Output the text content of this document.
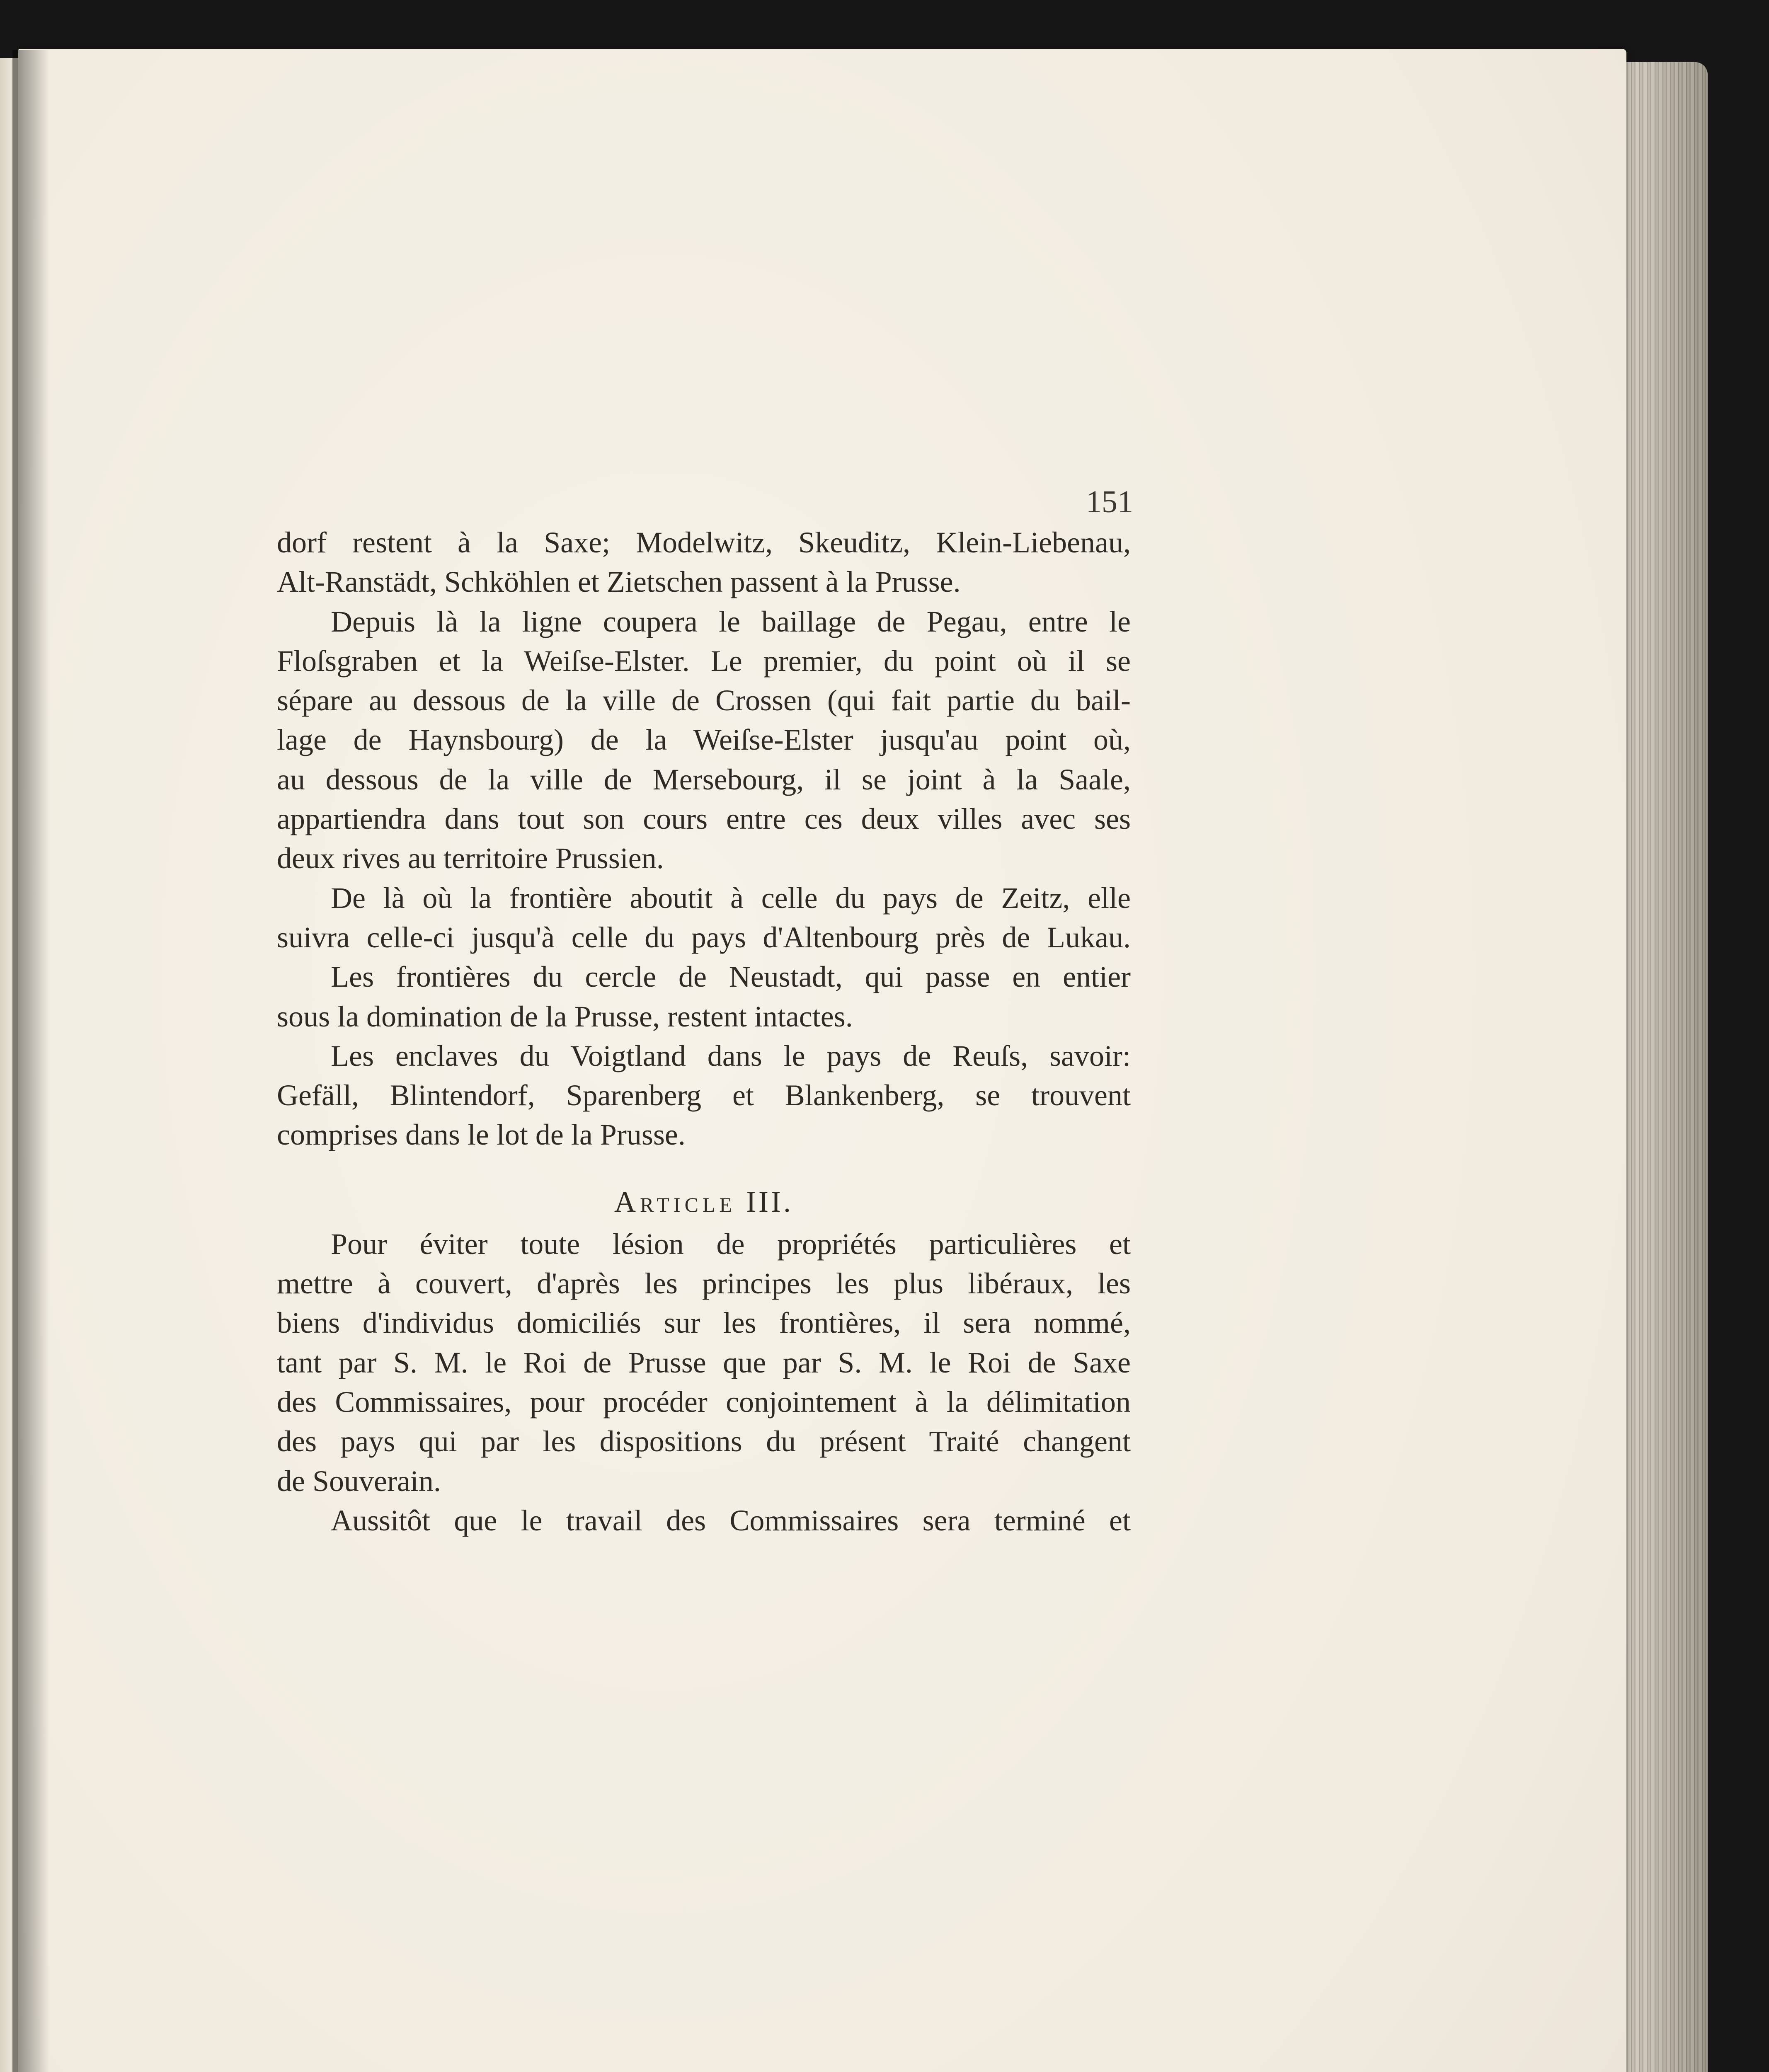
151
dorf restent à la Saxe; Modelwitz, Skeuditz, Klein-Liebenau,
Alt-Ranstädt, Schköhlen et Zietschen passent à la Prusse.
Depuis là la ligne coupera le baillage de Pegau, entre le
Floſsgraben et la Weiſse-Elster. Le premier, du point où il se
sépare au dessous de la ville de Crossen (qui fait partie du bail-
lage de Haynsbourg) de la Weiſse-Elster jusqu'au point où,
au dessous de la ville de Mersebourg, il se joint à la Saale,
appartiendra dans tout son cours entre ces deux villes avec ses
deux rives au territoire Prussien.
De là où la frontière aboutit à celle du pays de Zeitz, elle
suivra celle-ci jusqu'à celle du pays d'Altenbourg près de Lukau.
Les frontières du cercle de Neustadt, qui passe en entier
sous la domination de la Prusse, restent intactes.
Les enclaves du Voigtland dans le pays de Reuſs, savoir:
Gefäll, Blintendorf, Sparenberg et Blankenberg, se trouvent
comprises dans le lot de la Prusse.
Article III.
Pour éviter toute lésion de propriétés particulières et
mettre à couvert, d'après les principes les plus libéraux, les
biens d'individus domiciliés sur les frontières, il sera nommé,
tant par S. M. le Roi de Prusse que par S. M. le Roi de Saxe
des Commissaires, pour procéder conjointement à la délimitation
des pays qui par les dispositions du présent Traité changent
de Souverain.
Aussitôt que le travail des Commissaires sera terminé et
